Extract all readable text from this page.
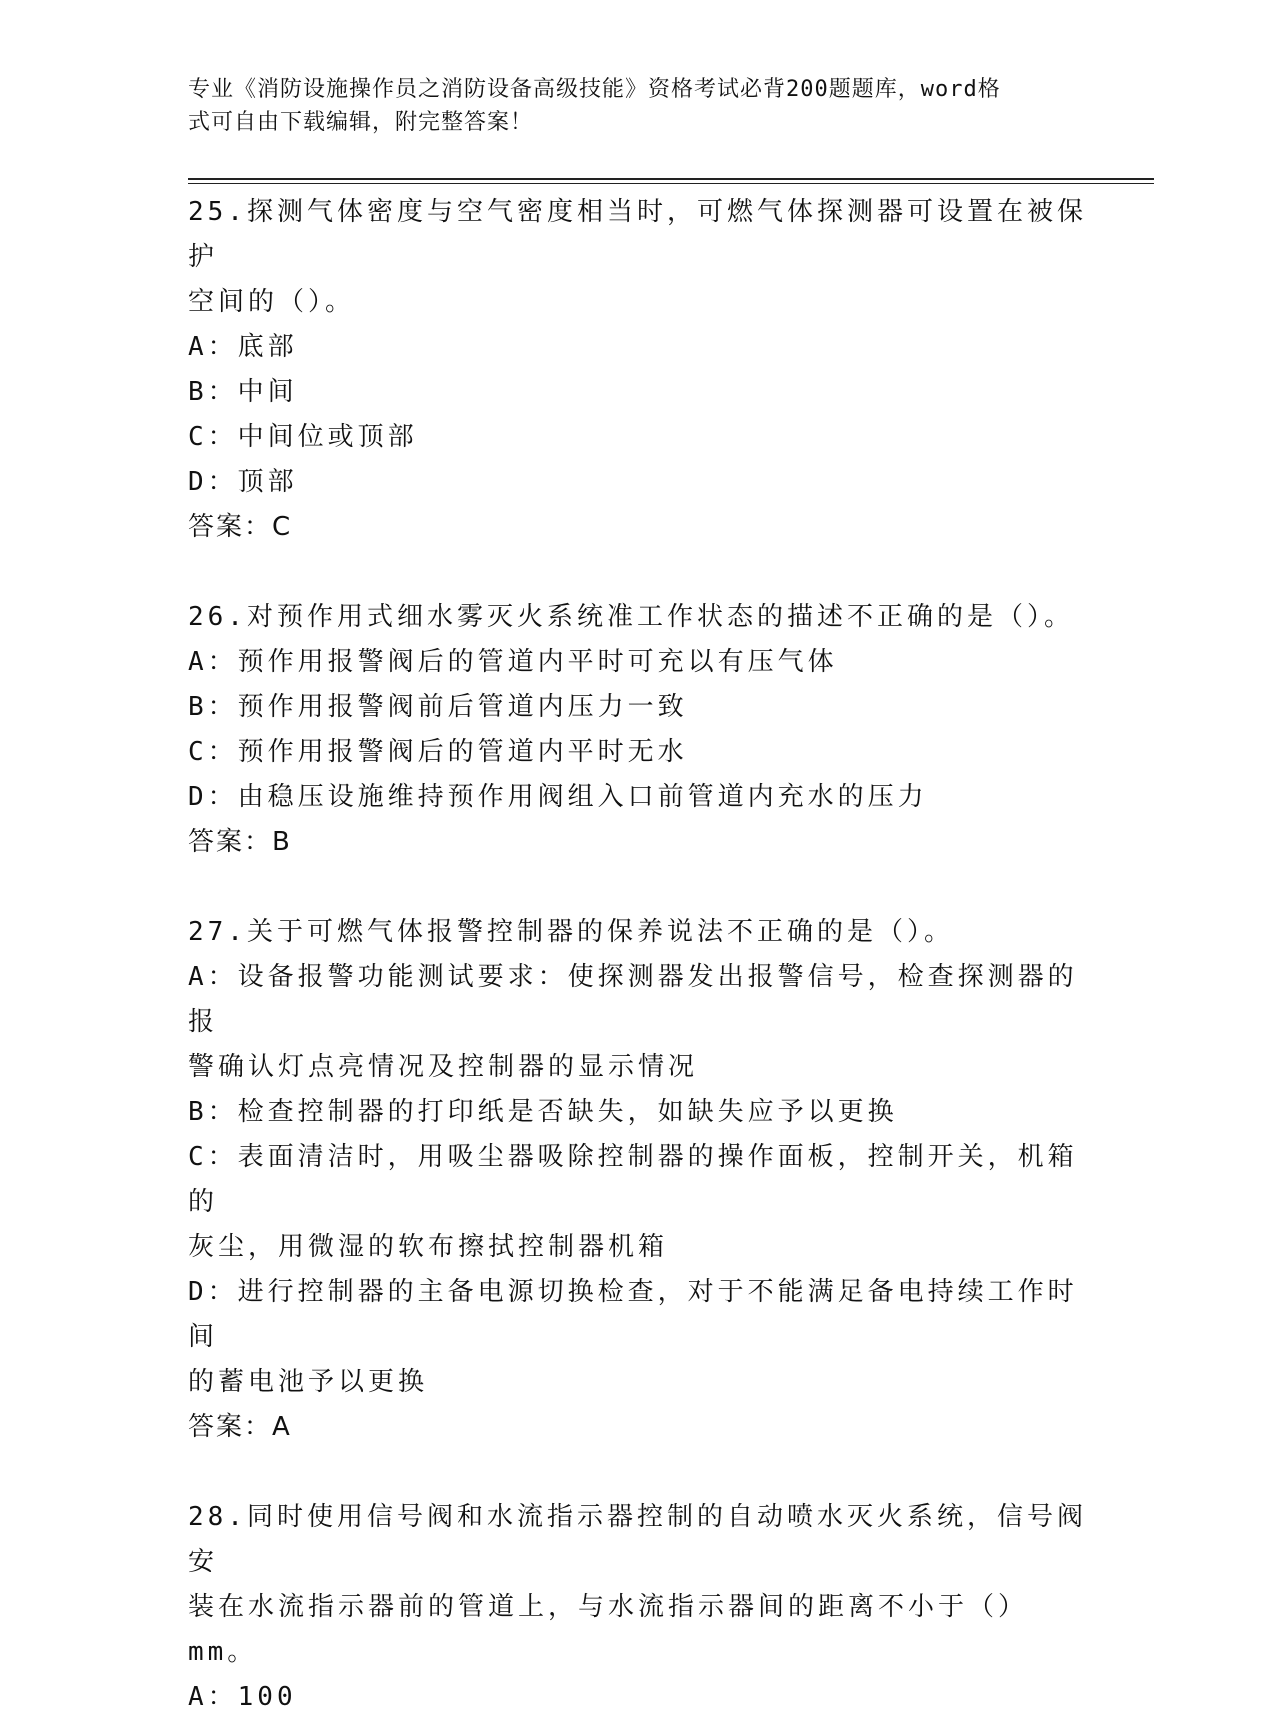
专业《消防设施操作员之消防设备高级技能》资格考试必背200题题库，word格
式可自由下载编辑，附完整答案！
25.探测气体密度与空气密度相当时，可燃气体探测器可设置在被保护
空间的（）。
A：底部
B：中间
C：中间位或顶部
D：顶部
答案：C
26.对预作用式细水雾灭火系统准工作状态的描述不正确的是（）。
A：预作用报警阀后的管道内平时可充以有压气体
B：预作用报警阀前后管道内压力一致
C：预作用报警阀后的管道内平时无水
D：由稳压设施维持预作用阀组入口前管道内充水的压力
答案：B
27.关于可燃气体报警控制器的保养说法不正确的是（）。
A：设备报警功能测试要求：使探测器发出报警信号，检查探测器的报
警确认灯点亮情况及控制器的显示情况
B：检查控制器的打印纸是否缺失，如缺失应予以更换
C：表面清洁时，用吸尘器吸除控制器的操作面板，控制开关，机箱的
灰尘，用微湿的软布擦拭控制器机箱
D：进行控制器的主备电源切换检查，对于不能满足备电持续工作时间
的蓄电池予以更换
答案：A
28.同时使用信号阀和水流指示器控制的自动喷水灭火系统，信号阀安
装在水流指示器前的管道上，与水流指示器间的距离不小于（）mm。
A：100
